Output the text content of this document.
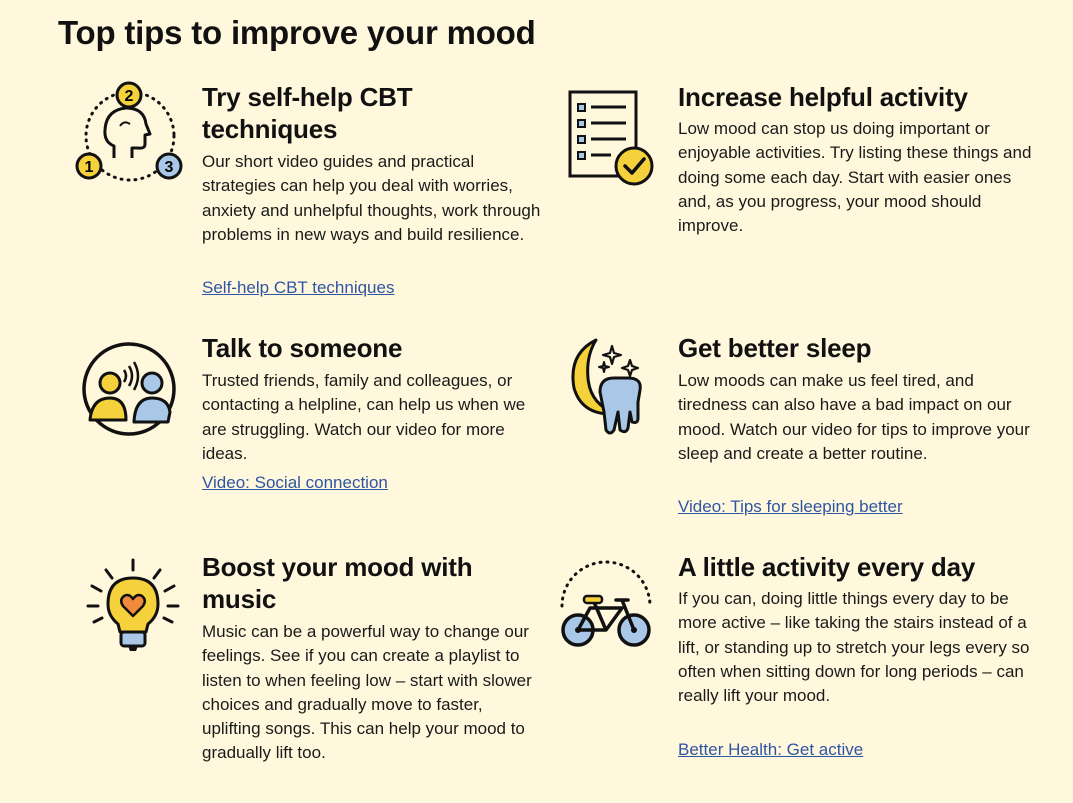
Top tips to improve your mood
2
1	3
Try self-help CBT techniques

Our short video guides and practical strategies can help you deal with worries, anxiety and unhelpful thoughts, work through problems in new ways and build resilience.

Self-help CBT techniques
Increase helpful activity

Low mood can stop us doing important or enjoyable activities. Try listing these things and doing some each day. Start with easier ones and, as you progress, your mood should improve.

Talk to someone

Trusted friends, family and colleagues, or contacting a helpline, can help us when we are struggling. Watch our video for more ideas.

Video: Social connection
Get better sleep

Low moods can make us feel tired, and tiredness can also have a bad impact on our mood. Watch our video for tips to improve your sleep and create a better routine.

Video: Tips for sleeping better
Boost your mood with music

Music can be a powerful way to change our feelings. See if you can create a playlist to listen to when feeling low – start with slower choices and gradually move to faster, uplifting songs. This can help your mood to gradually lift too.

A little activity every day

If you can, doing little things every day to be more active – like taking the stairs instead of a lift, or standing up to stretch your legs every so often when sitting down for long periods – can really lift your mood.

Better Health: Get active
